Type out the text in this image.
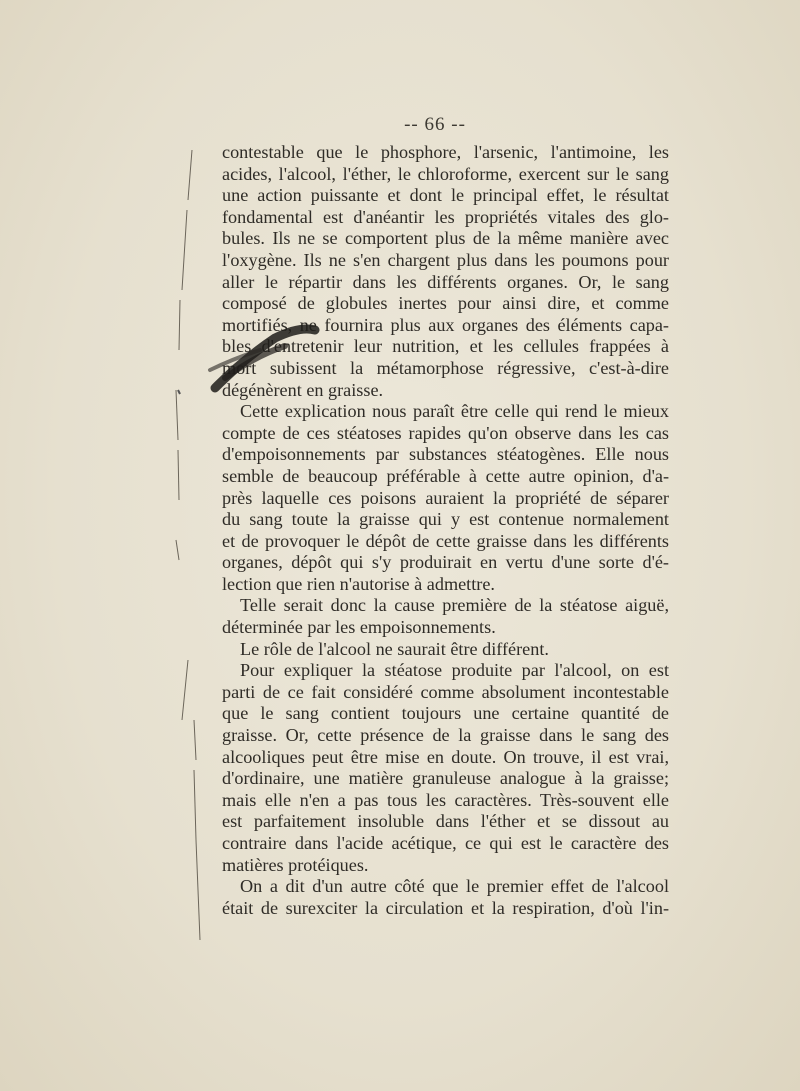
-- 66 --
contestable que le phosphore, l'arsenic, l'antimoine, les
acides, l'alcool, l'éther, le chloroforme, exercent sur le sang
une action puissante et dont le principal effet, le résultat
fondamental est d'anéantir les propriétés vitales des glo-
bules. Ils ne se comportent plus de la même manière avec
l'oxygène. Ils ne s'en chargent plus dans les poumons pour
aller le répartir dans les différents organes. Or, le sang
composé de globules inertes pour ainsi dire, et comme
mortifiés, ne fournira plus aux organes des éléments capa-
bles d'entretenir leur nutrition, et les cellules frappées à
mort subissent la métamorphose régressive, c'est-à-dire
dégénèrent en graisse.
Cette explication nous paraît être celle qui rend le mieux
compte de ces stéatoses rapides qu'on observe dans les cas
d'empoisonnements par substances stéatogènes. Elle nous
semble de beaucoup préférable à cette autre opinion, d'a-
près laquelle ces poisons auraient la propriété de séparer
du sang toute la graisse qui y est contenue normalement
et de provoquer le dépôt de cette graisse dans les différents
organes, dépôt qui s'y produirait en vertu d'une sorte d'é-
lection que rien n'autorise à admettre.
Telle serait donc la cause première de la stéatose aiguë,
déterminée par les empoisonnements.
Le rôle de l'alcool ne saurait être différent.
Pour expliquer la stéatose produite par l'alcool, on est
parti de ce fait considéré comme absolument incontestable
que le sang contient toujours une certaine quantité de
graisse. Or, cette présence de la graisse dans le sang des
alcooliques peut être mise en doute. On trouve, il est vrai,
d'ordinaire, une matière granuleuse analogue à la graisse;
mais elle n'en a pas tous les caractères. Très-souvent elle
est parfaitement insoluble dans l'éther et se dissout au
contraire dans l'acide acétique, ce qui est le caractère des
matières protéiques.
On a dit d'un autre côté que le premier effet de l'alcool
était de surexciter la circulation et la respiration, d'où l'in-
